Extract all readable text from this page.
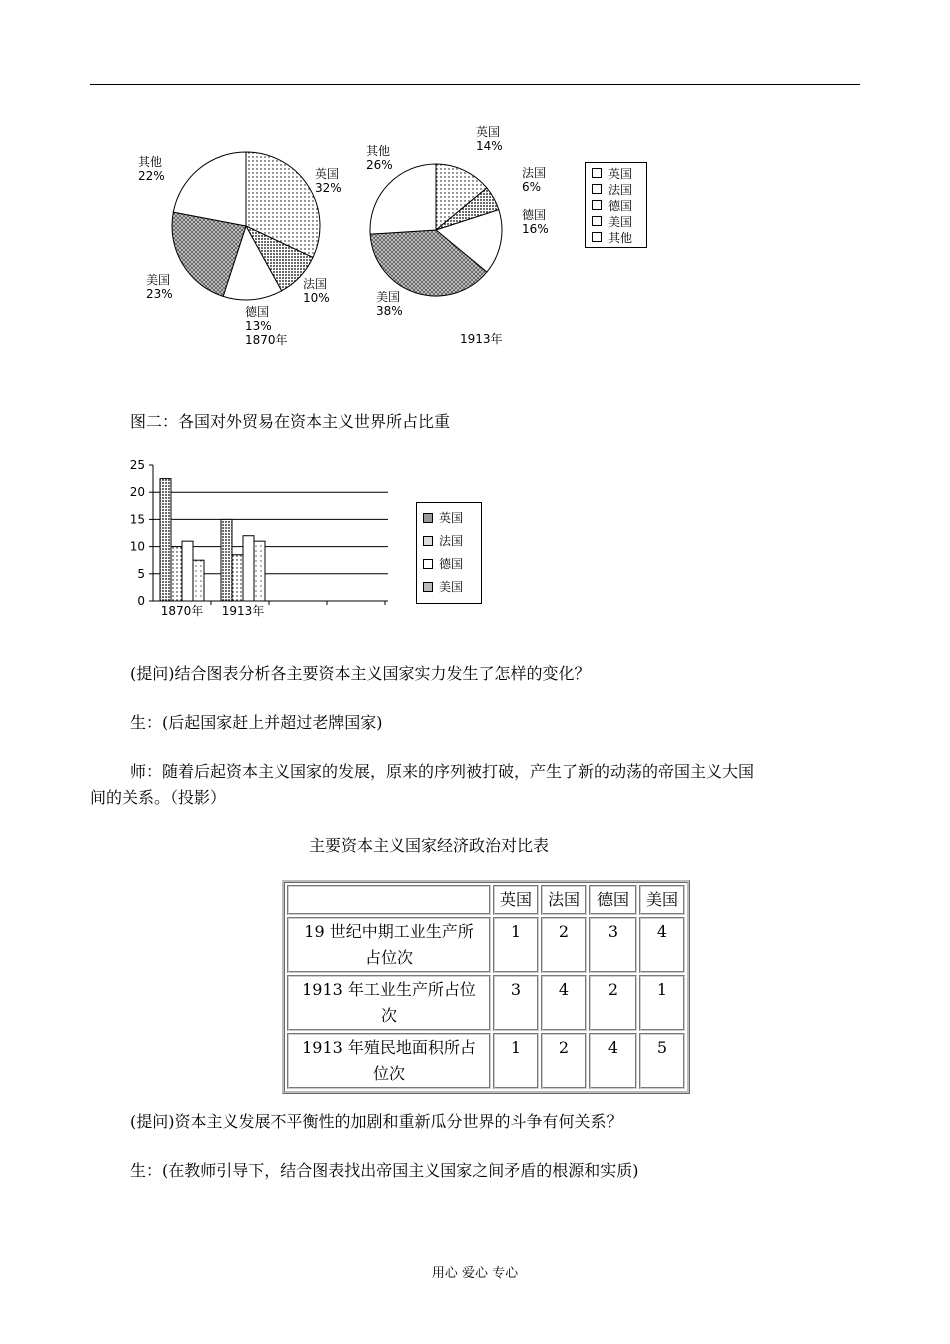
其他
22%	英国
32%
美国
23%
法国
10%
德国
13%
1870年
其他
26%
英国
14%
法国
6%
德国
16%
美国
38%
1913年
英国
法国
德国
美国
其他
图二：各国对外贸易在资本主义世界所占比重
0
5
10
15
20
25
1870年 1913年
英国
法国
德国
美国
(提问)结合图表分析各主要资本主义国家实力发生了怎样的变化？
生：(后起国家赶上并超过老牌国家)
师：随着后起资本主义国家的发展，原来的序列被打破，产生了新的动荡的帝国主义大国
间的关系。（投影）
主要资本主义国家经济政治对比表
	英国	法国	德国	美国

19 世纪中期工业生产所
占位次	1	2	3	4

1913 年工业生产所占位
次	3	4	2	1

1913 年殖民地面积所占
位次	1	2	4	5
(提问)资本主义发展不平衡性的加剧和重新瓜分世界的斗争有何关系？
生：(在教师引导下，结合图表找出帝国主义国家之间矛盾的根源和实质)
用心 爱心 专心
